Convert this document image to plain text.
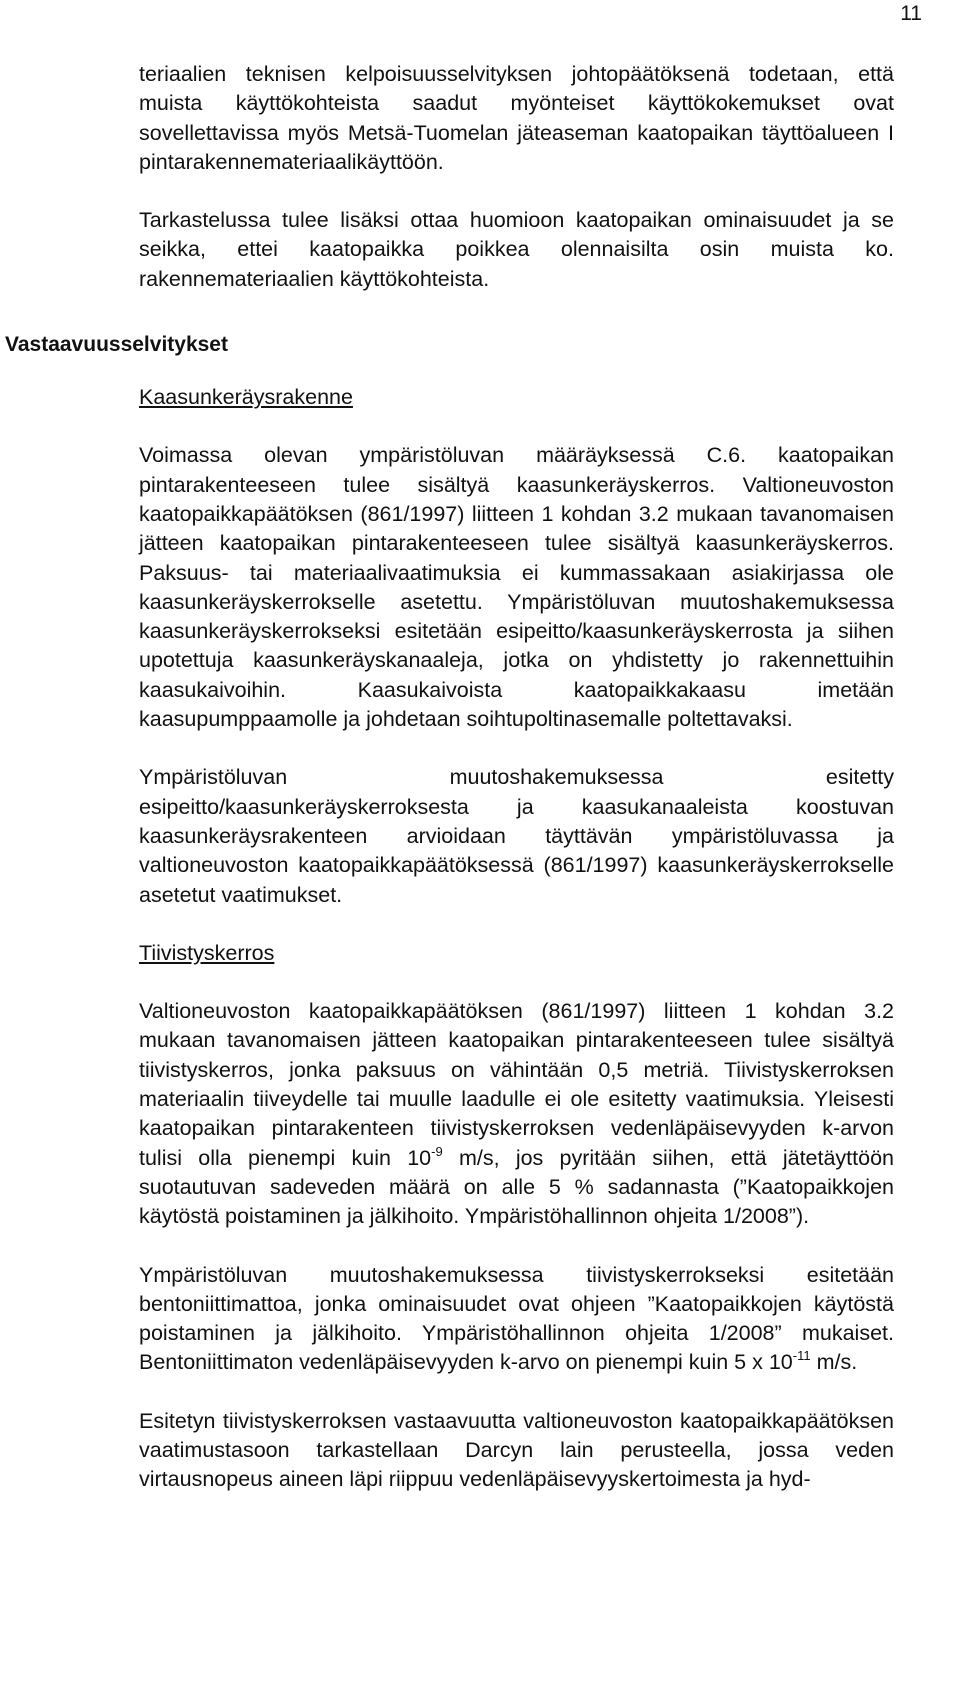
11
Vastaavuusselvitykset

teriaalien teknisen kelpoisuusselvityksen johtopäätöksenä todetaan, että muista käyttökohteista saadut myönteiset käyttökokemukset ovat sovellettavissa myös Metsä-Tuomelan jäteaseman kaatopaikan täyttöalueen I pintarakennemateriaalikäyttöön.

Tarkastelussa tulee lisäksi ottaa huomioon kaatopaikan ominaisuudet ja se seikka, ettei kaatopaikka poikkea olennaisilta osin muista ko. rakennemateriaalien käyttökohteista.

Kaasunkeräysrakenne

Voimassa olevan ympäristöluvan määräyksessä C.6. kaatopaikan pintarakenteeseen tulee sisältyä kaasunkeräyskerros. Valtioneuvoston kaatopaikkapäätöksen (861/1997) liitteen 1 kohdan 3.2 mukaan tavanomaisen jätteen kaatopaikan pintarakenteeseen tulee sisältyä kaasunkeräyskerros. Paksuus- tai materiaalivaatimuksia ei kummassakaan asiakirjassa ole kaasunkeräyskerrokselle asetettu. Ympäristöluvan muutoshakemuksessa kaasunkeräyskerrokseksi esitetään esipeitto/kaasunkeräyskerrosta ja siihen upotettuja kaasunkeräyskanaaleja, jotka on yhdistetty jo rakennettuihin kaasukaivoihin. Kaasukaivoista kaatopaikkakaasu imetään kaasupumppaamolle ja johdetaan soihtupoltinasemalle poltettavaksi.

Ympäristöluvan muutoshakemuksessa esitetty esipeitto/kaasunkeräyskerroksesta ja kaasukanaaleista koostuvan kaasunkeräysrakenteen arvioidaan täyttävän ympäristöluvassa ja valtioneuvoston kaatopaikkapäätöksessä (861/1997) kaasunkeräyskerrokselle asetetut vaatimukset.

Tiivistyskerros

Valtioneuvoston kaatopaikkapäätöksen (861/1997) liitteen 1 kohdan 3.2 mukaan tavanomaisen jätteen kaatopaikan pintarakenteeseen tulee sisältyä tiivistyskerros, jonka paksuus on vähintään 0,5 metriä. Tiivistyskerroksen materiaalin tiiveydelle tai muulle laadulle ei ole esitetty vaatimuksia. Yleisesti kaatopaikan pintarakenteen tiivistyskerroksen vedenläpäisevyyden k-arvon tulisi olla pienempi kuin $10^{-9}$ m/s, jos pyritään siihen, että jätetäyttöön suotautuvan sadeveden määrä on alle 5 % sadannasta (”Kaatopaikkojen käytöstä poistaminen ja jälkihoito. Ympäristöhallinnon ohjeita 1/2008”).

Ympäristöluvan muutoshakemuksessa tiivistyskerrokseksi esitetään bentoniittimattoa, jonka ominaisuudet ovat ohjeen ”Kaatopaikkojen käytöstä poistaminen ja jälkihoito. Ympäristöhallinnon ohjeita 1/2008” mukaiset. Bentoniittimaton vedenläpäisevyyden k-arvo on pienempi kuin 5 x $10^{-11}$ m/s.

Esitetyn tiivistyskerroksen vastaavuutta valtioneuvoston kaatopaikkapäätöksen vaatimustasoon tarkastellaan Darcyn lain perusteella, jossa veden virtausnopeus aineen läpi riippuu vedenläpäisevyyskertoimesta ja hyd-
